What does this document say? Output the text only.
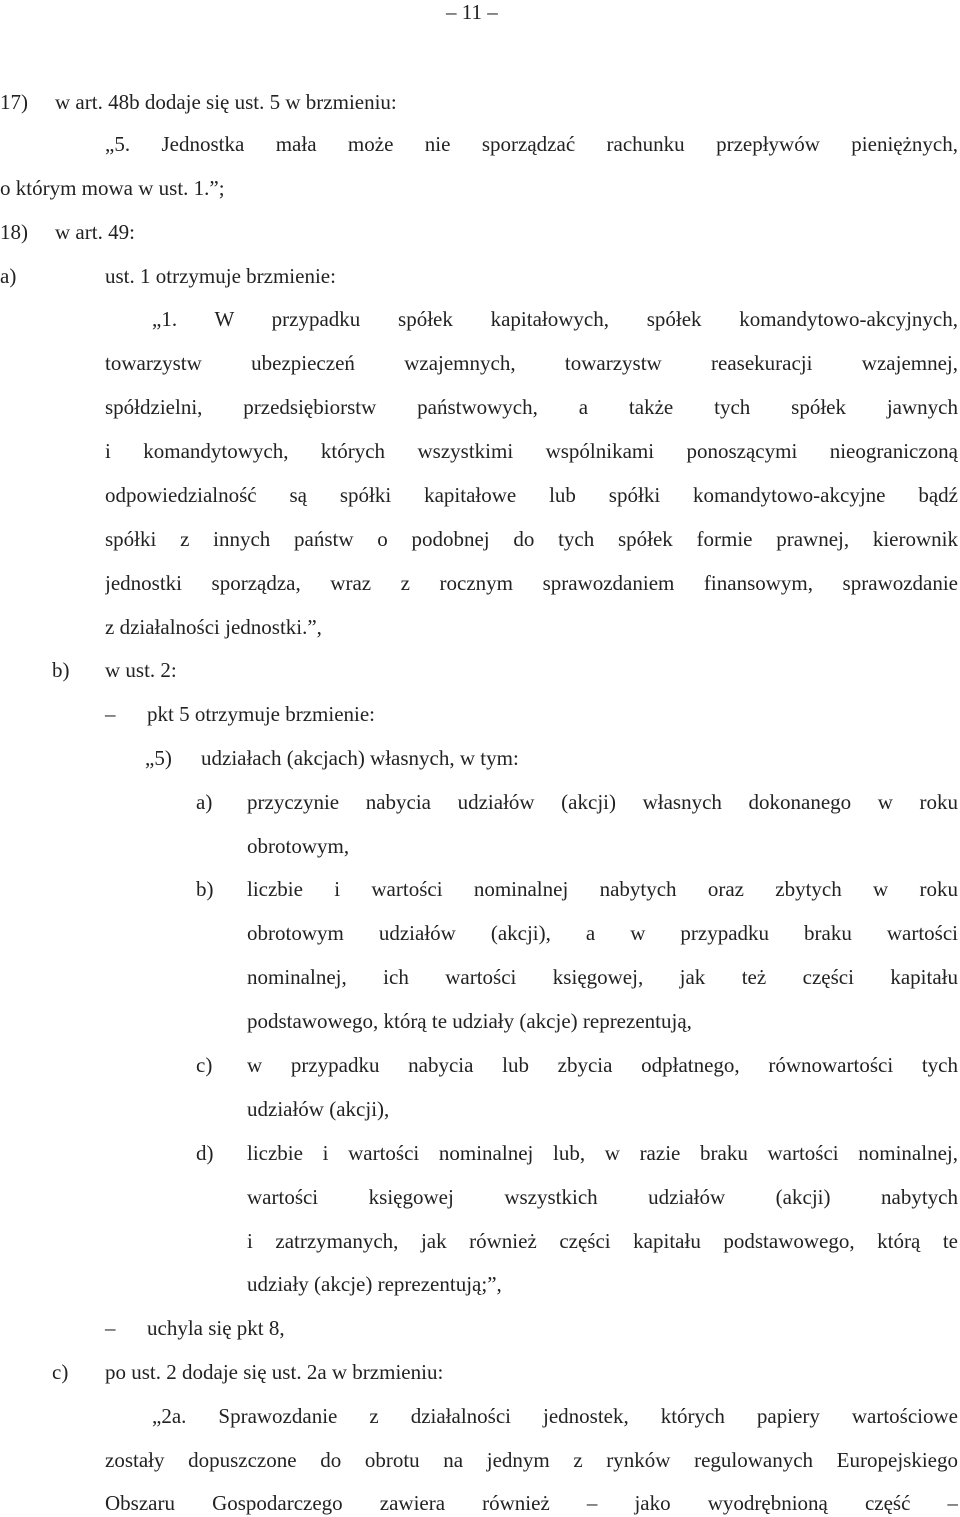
– 11 –
17) w art. 48b dodaje się ust. 5 w brzmieniu:
„5. Jednostka mała może nie sporządzać rachunku przepływów pieniężnych,
o którym mowa w ust. 1.”;
18) w art. 49:
a)	ust. 1 otrzymuje brzmienie:
„1. W przypadku spółek kapitałowych, spółek komandytowo-akcyjnych,
towarzystw ubezpieczeń wzajemnych, towarzystw reasekuracji wzajemnej,
spółdzielni, przedsiębiorstw państwowych, a także tych spółek jawnych
i komandytowych, których wszystkimi wspólnikami ponoszącymi nieograniczoną
odpowiedzialność są spółki kapitałowe lub spółki komandytowo-akcyjne bądź
spółki z innych państw o podobnej do tych spółek formie prawnej, kierownik
jednostki sporządza, wraz z rocznym sprawozdaniem finansowym, sprawozdanie
z działalności jednostki.”,
b) w ust. 2:
–	pkt 5 otrzymuje brzmienie:
„5) udziałach (akcjach) własnych, w tym:
a) przyczynie nabycia udziałów (akcji) własnych dokonanego w roku
obrotowym,
b) liczbie i wartości nominalnej nabytych oraz zbytych w roku
obrotowym udziałów (akcji), a w przypadku braku wartości
nominalnej, ich wartości księgowej, jak też części kapitału
podstawowego, którą te udziały (akcje) reprezentują,
c) w przypadku nabycia lub zbycia odpłatnego, równowartości tych
udziałów (akcji),
d) liczbie i wartości nominalnej lub, w razie braku wartości nominalnej,
wartości księgowej wszystkich udziałów (akcji) nabytych
i zatrzymanych, jak również części kapitału podstawowego, którą te
udziały (akcje) reprezentują;”,
–	uchyla się pkt 8,
c) po ust. 2 dodaje się ust. 2a w brzmieniu:
„2a. Sprawozdanie z działalności jednostek, których papiery wartościowe
zostały dopuszczone do obrotu na jednym z rynków regulowanych Europejskiego
Obszaru Gospodarczego zawiera również – jako wyodrębnioną część –
